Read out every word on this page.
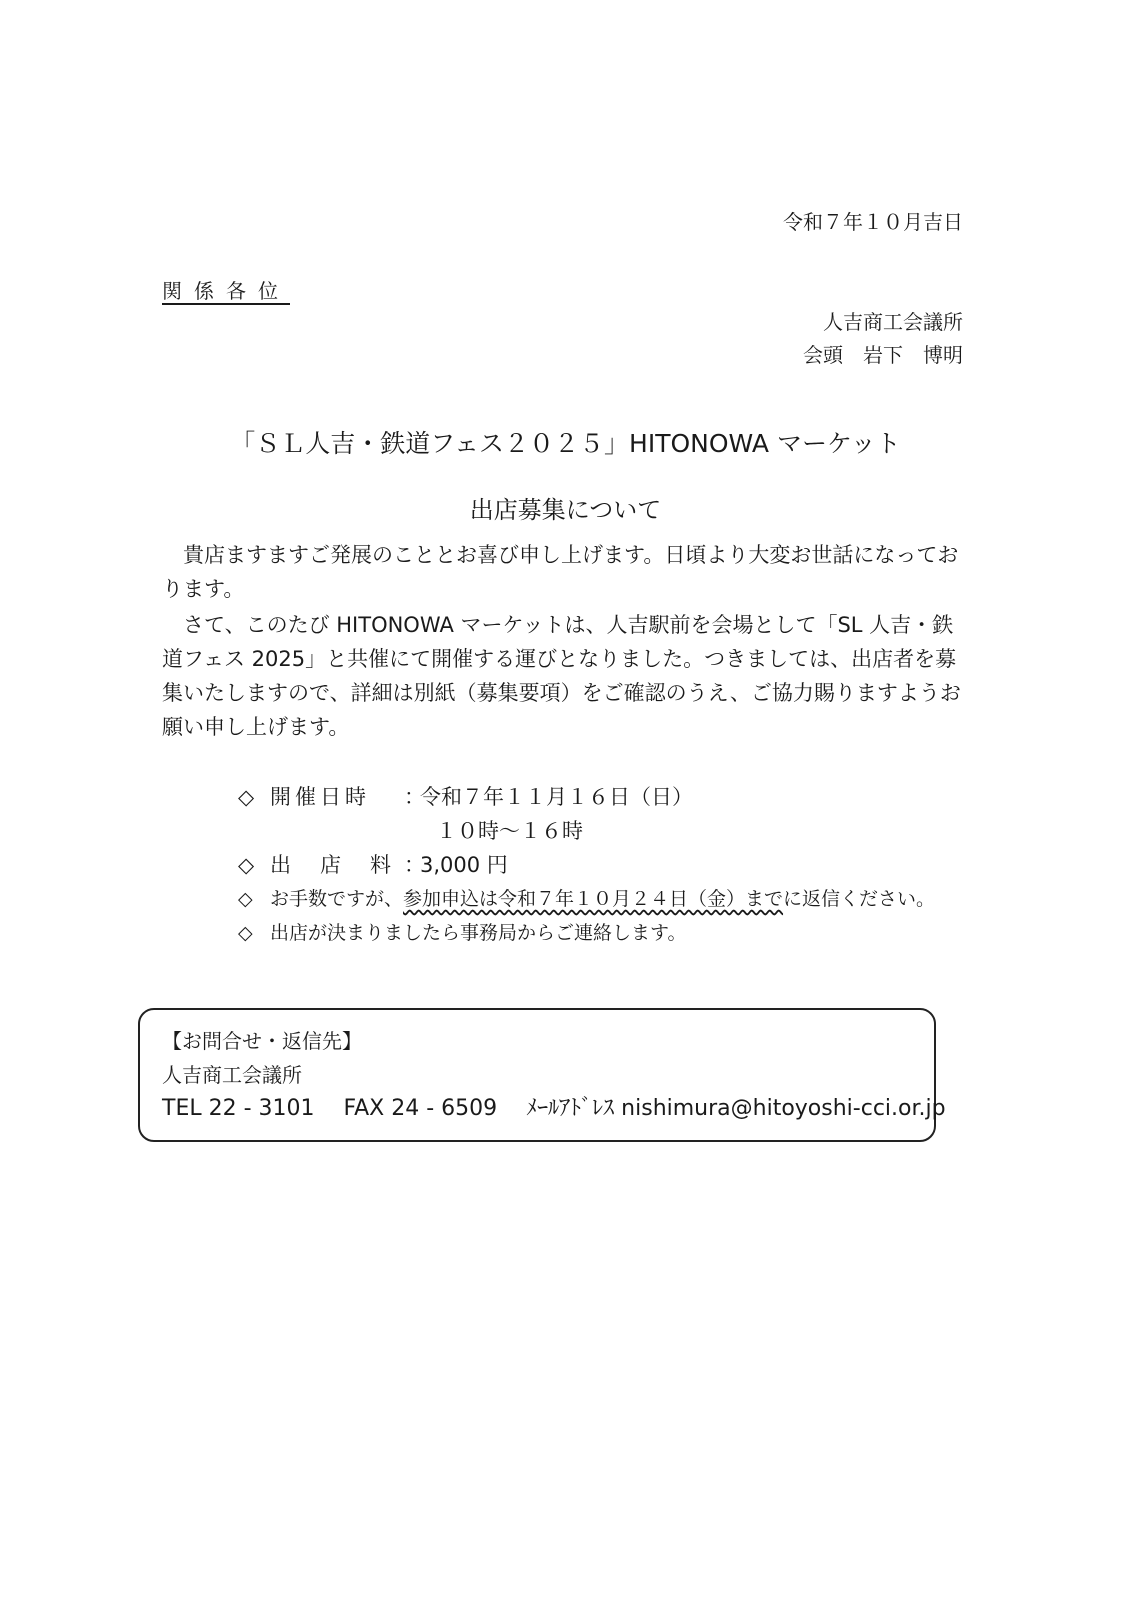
令和７年１０月吉日
関係各位
人吉商工会議所
会頭　岩下　博明
「ＳＬ人吉・鉄道フェス２０２５」HITONOWA マーケット
出店募集について
貴店ますますご発展のこととお喜び申し上げます。日頃より大変お世話になっております。
さて、このたび HITONOWA マーケットは、人吉駅前を会場として「SL 人吉・鉄道フェス 2025」と共催にて開催する運びとなりました。つきましては、出店者を募集いたしますので、詳細は別紙（募集要項）をご確認のうえ、ご協力賜りますようお願い申し上げます。
◇ 開催日時	：
令和７年１１月１６日（日）
１０時～１６時
◇ 出　店　料 ：
3,000 円
◇ お手数ですが、 参加申込は令和７年１０月２４日（金）まで に返信ください。
◇ 出店が決まりましたら事務局からご連絡します。
【お問合せ・返信先】
人吉商工会議所
TEL 22 - 3101 FAX 24 - 6509 ﾒｰﾙｱﾄﾞﾚｽ nishimura@hitoyoshi-cci.or.jp
